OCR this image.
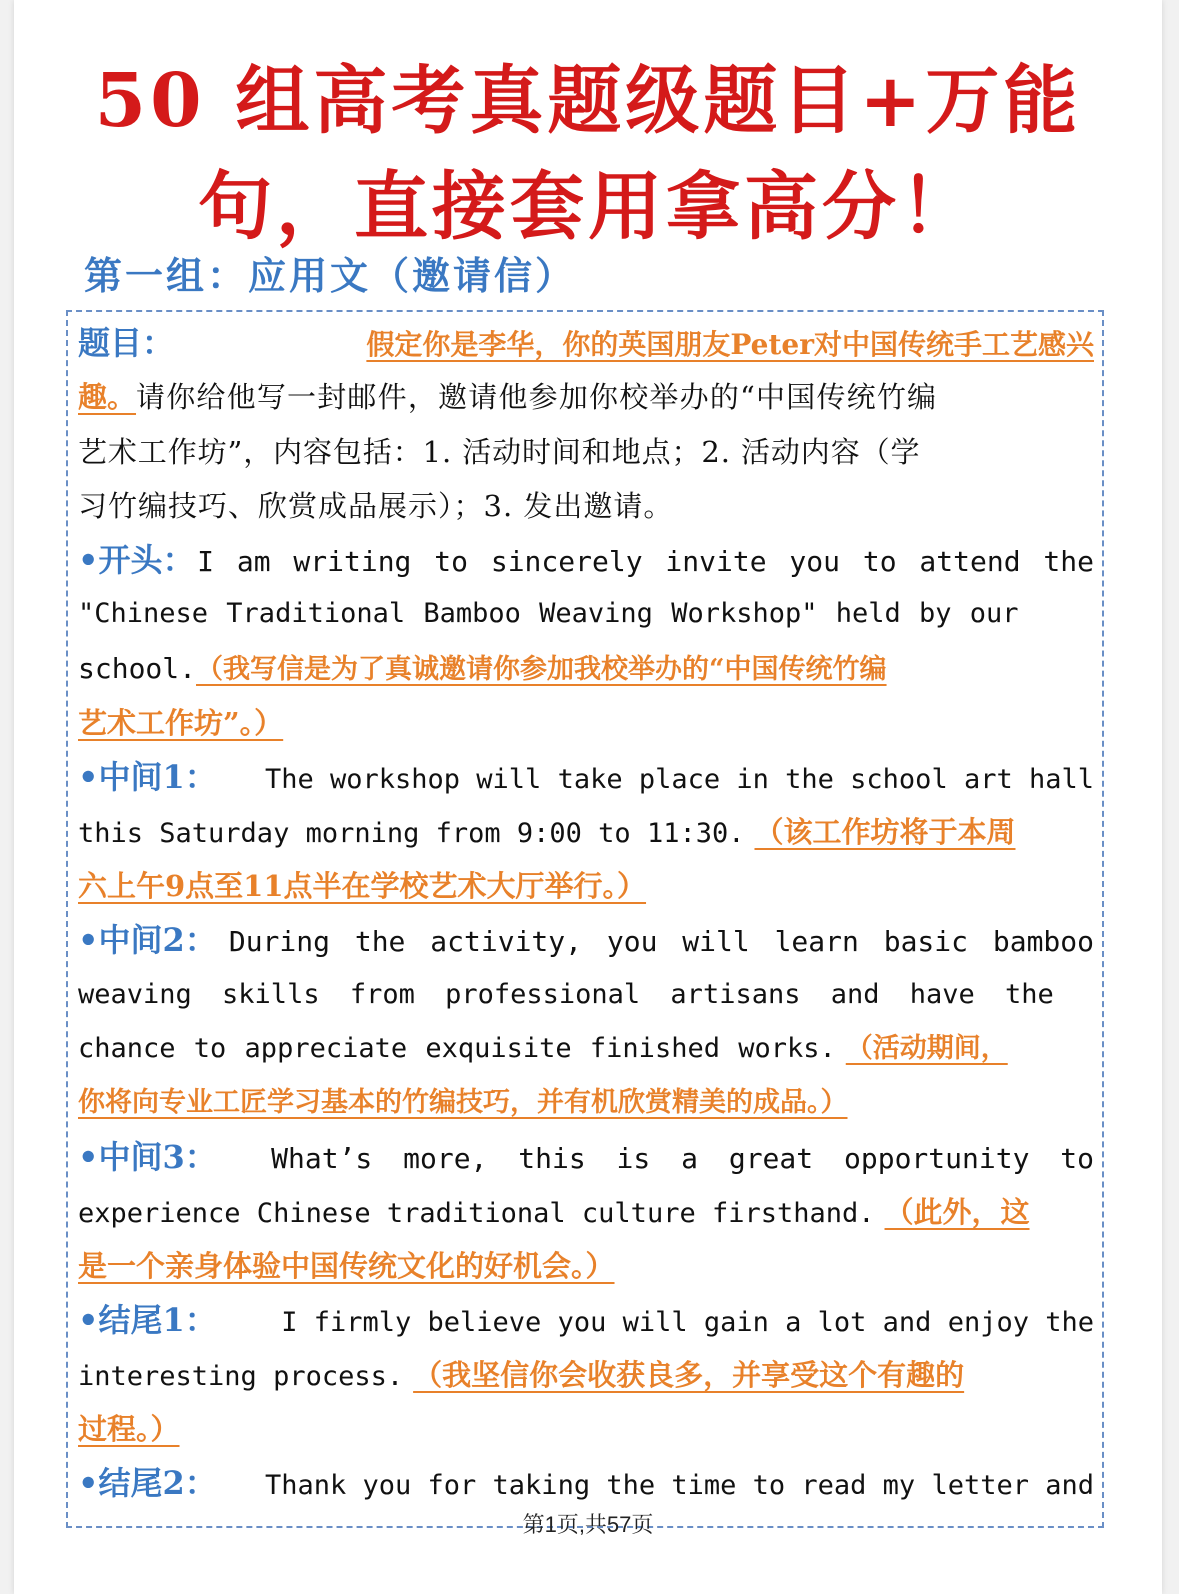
50 组高考真题级题目+万能
句，直接套用拿高分！
第一组：应用文（邀请信）
题目：	假定你是李华，你的英国朋友Peter对中国传统手工艺感兴
趣。 请你给他写一封邮件，邀请他参加你校举办的“中国传统竹编
艺术工作坊”，内容包括：1. 活动时间和地点；2. 活动内容（学
习竹编技巧、欣赏成品展示）；3. 发出邀请。
•开头： I am writing to sincerely invite you to attend the
"Chinese Traditional Bamboo Weaving Workshop" held by our
school. （我写信是为了真诚邀请你参加我校举办的“中国传统竹编
艺术工作坊”。）
•中间1： The workshop will take place in the school art hall
this Saturday morning from 9:00 to 11:30. （该工作坊将于本周
六上午9点至11点半在学校艺术大厅举行。）
•中间2： During the activity, you will learn basic bamboo
weaving skills from professional artisans and have the
chance to appreciate exquisite finished works. （活动期间，
你将向专业工匠学习基本的竹编技巧，并有机欣赏精美的成品。）
•中间3： What’s more, this is a great opportunity to
experience Chinese traditional culture firsthand. （此外，这
是一个亲身体验中国传统文化的好机会。）
•结尾1： I firmly believe you will gain a lot and enjoy the
interesting process. （我坚信你会收获良多，并享受这个有趣的
过程。）
•结尾2： Thank you for taking the time to read my letter and
第1页,共57页
